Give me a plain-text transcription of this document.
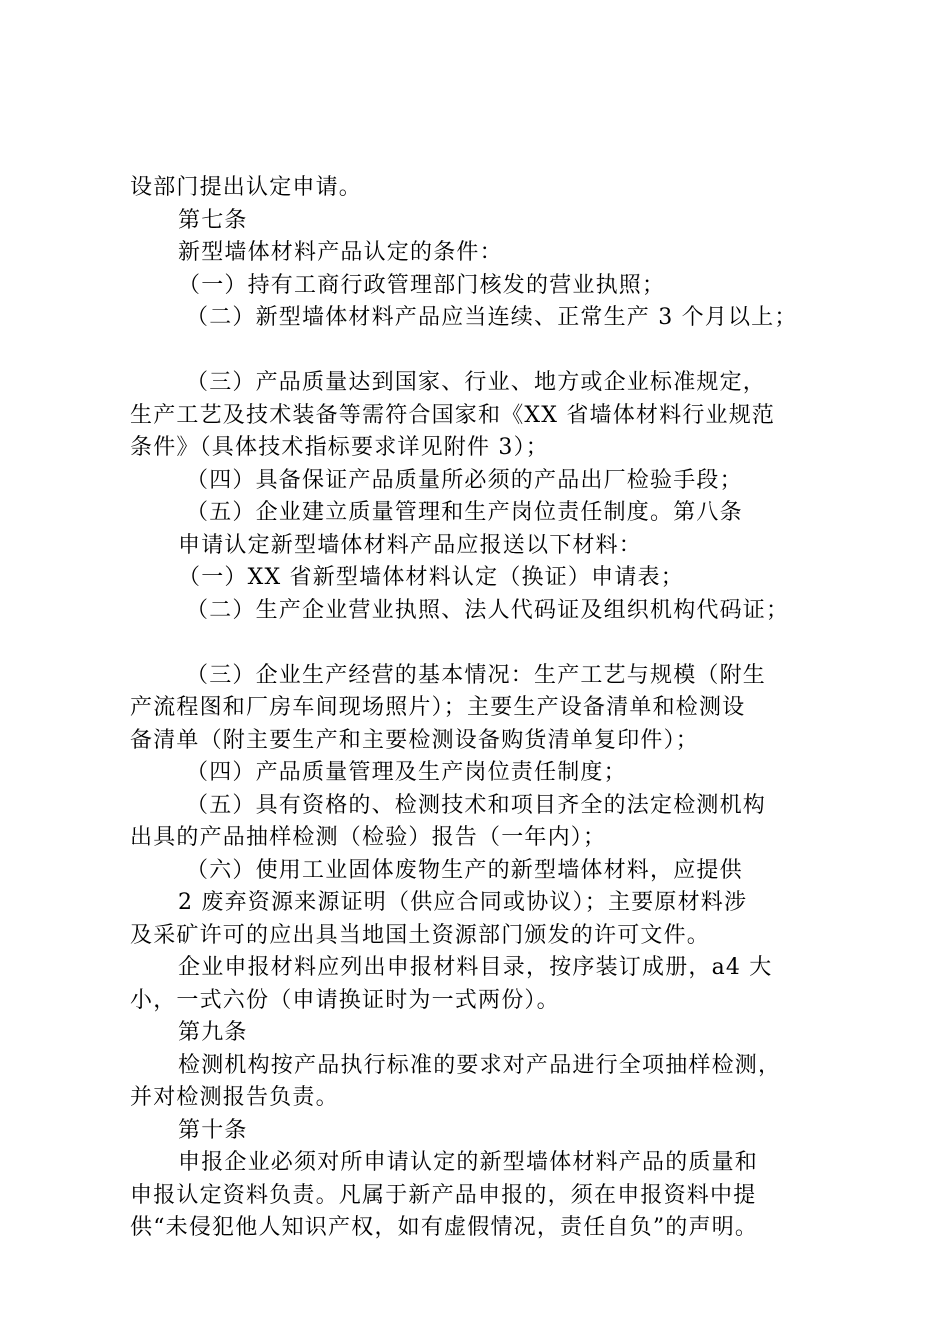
设部门提出认定申请。
第七条
新型墙体材料产品认定的条件：
（一）持有工商行政管理部门核发的营业执照；
（二）新型墙体材料产品应当连续、正常生产 3 个月以上；
（三）产品质量达到国家、行业、地方或企业标准规定，
生产工艺及技术装备等需符合国家和《XX 省墙体材料行业规范
条件》（具体技术指标要求详见附件 3）；
（四）具备保证产品质量所必须的产品出厂检验手段；
（五）企业建立质量管理和生产岗位责任制度。第八条
申请认定新型墙体材料产品应报送以下材料：
（一）XX 省新型墙体材料认定（换证）申请表；
（二）生产企业营业执照、法人代码证及组织机构代码证；
（三）企业生产经营的基本情况：生产工艺与规模（附生
产流程图和厂房车间现场照片）；主要生产设备清单和检测设
备清单（附主要生产和主要检测设备购货清单复印件）；
（四）产品质量管理及生产岗位责任制度；
（五）具有资格的、检测技术和项目齐全的法定检测机构
出具的产品抽样检测（检验）报告（一年内）；
（六）使用工业固体废物生产的新型墙体材料，应提供
2 废弃资源来源证明（供应合同或协议）；主要原材料涉
及采矿许可的应出具当地国土资源部门颁发的许可文件。
企业申报材料应列出申报材料目录，按序装订成册，a4 大
小，一式六份（申请换证时为一式两份）。
第九条
检测机构按产品执行标准的要求对产品进行全项抽样检测，
并对检测报告负责。
第十条
申报企业必须对所申请认定的新型墙体材料产品的质量和
申报认定资料负责。凡属于新产品申报的，须在申报资料中提
供“未侵犯他人知识产权，如有虚假情况，责任自负”的声明。
